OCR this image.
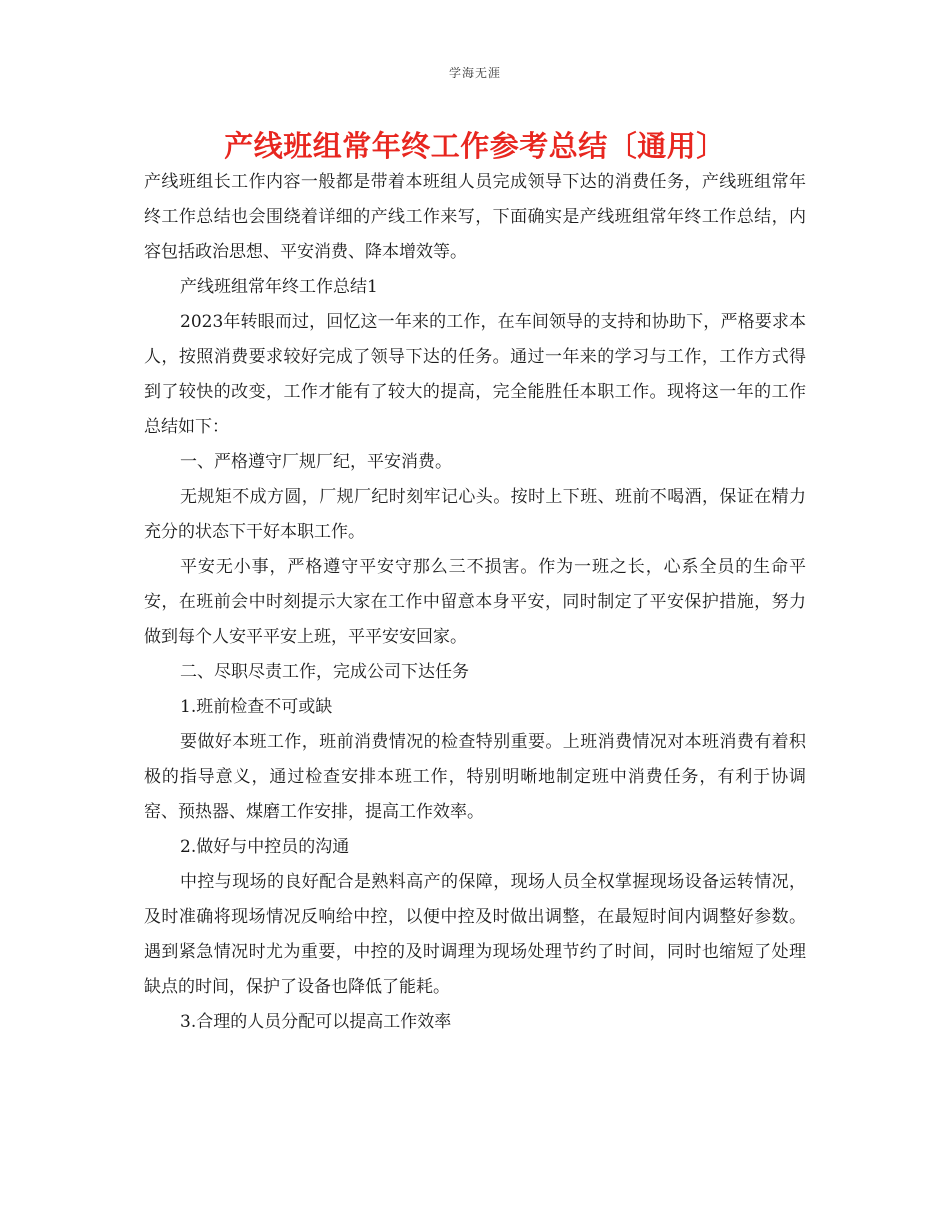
学海无涯
产线班组常年终工作参考总结〔通用〕

产线班组长工作内容一般都是带着本班组人员完成领导下达的消费任务，产线班组常年终工作总结也会围绕着详细的产线工作来写，下面确实是产线班组常年终工作总结，内容包括政治思想、平安消费、降本增效等。

产线班组常年终工作总结1

2023年转眼而过，回忆这一年来的工作，在车间领导的支持和协助下，严格要求本人，按照消费要求较好完成了领导下达的任务。通过一年来的学习与工作，工作方式得到了较快的改变，工作才能有了较大的提高，完全能胜任本职工作。现将这一年的工作总结如下：

一、严格遵守厂规厂纪，平安消费。

无规矩不成方圆，厂规厂纪时刻牢记心头。按时上下班、班前不喝酒，保证在精力充分的状态下干好本职工作。

平安无小事，严格遵守平安守那么三不损害。作为一班之长，心系全员的生命平安，在班前会中时刻提示大家在工作中留意本身平安，同时制定了平安保护措施，努力做到每个人安平平安上班，平平安安回家。

二、尽职尽责工作，完成公司下达任务

1.班前检查不可或缺

要做好本班工作，班前消费情况的检查特别重要。上班消费情况对本班消费有着积极的指导意义，通过检查安排本班工作，特别明晰地制定班中消费任务，有利于协调窑、预热器、煤磨工作安排，提高工作效率。

2.做好与中控员的沟通

中控与现场的良好配合是熟料高产的保障，现场人员全权掌握现场设备运转情况，及时准确将现场情况反响给中控，以便中控及时做出调整，在最短时间内调整好参数。遇到紧急情况时尤为重要，中控的及时调理为现场处理节约了时间，同时也缩短了处理缺点的时间，保护了设备也降低了能耗。

3.合理的人员分配可以提高工作效率
